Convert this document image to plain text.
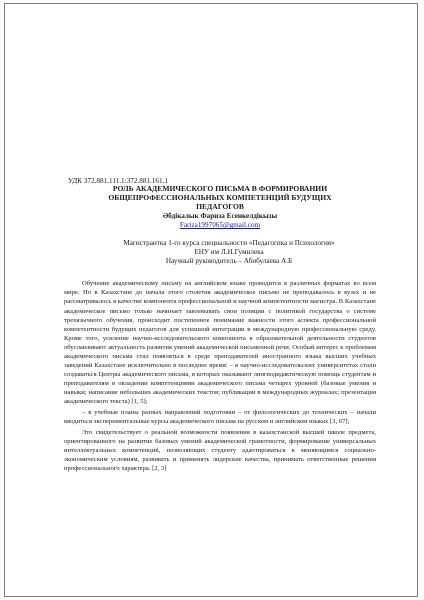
УДК 372.881.111.1:372.881.161.1
РОЛЬ АКАДЕМИЧЕСКОГО ПИСЬМА В ФОРМИРОВАНИИ
ОБЩЕПРОФЕССИОНАЛЬНЫХ КОМПЕТЕНЦИЙ БУДУЩИХ
ПЕДАГОГОВ
Әбдiкалык Фариза Есенкелдiкызы
Fariza1997065@gmail.com
Магистрантка 1-го курса специальности «Педагогика и Психология»
ЕНУ им Л.Н.Гумилева
Научный руководитель – Абибулаева А.Б

Обучение академическому письму на английском языке проводится в различных форматах во всем мире. Но в Казахстане до начала этого столетия академическое письмо не преподавалось в вузах и не рассматривалось в качестве компонента профессиональной и научной компетентности магистра. В Казахстане академическое письмо только начинает завоевывать свои позиции с политикой государства о системе трехязычного обучения, происходит постепенное понимание важности этого аспекта профессиональной компетентности будущих педагогов для успешной интеграции в международную профессиональную среду. Кроме того, усиление научно-исследовательского компонента в образовательной деятельности студентов обуславливают актуальность развития умений академической письменной речи. Особый интерес к проблемам академического письма стал появляться в среде преподавателей иностранного языка высших учебных заведений Казахстане исключительно в последнее время: – в научно-исследовательских университетах стали создаваться Центры академического письма, в которых оказывают лингводидактическую помощь студентам и преподавателям в овладении компетенциями академического письма четырех уровней (базовые умения и навыки; написание небольших академических текстов; публикации в международных журналах; презентация академического текста) [1, 5];

– в учебные планы разных направлений подготовки – от филологических до технических – начали вводиться экспериментальные курсы академического письма на русском и английском языках [3, 67];

Это свидетельствует о реальной возможности появления в казахстанской высшей школе предмета, ориентированного на развитие базовых умений академической грамотности, формирование универсальных интеллектуальных компетенций, позволяющих студенту адаптироваться к меняющимся социально-экономическим условиям, развивать и применять лидерские качества, принимать ответственные решения профессионального характера. [2, 3]
